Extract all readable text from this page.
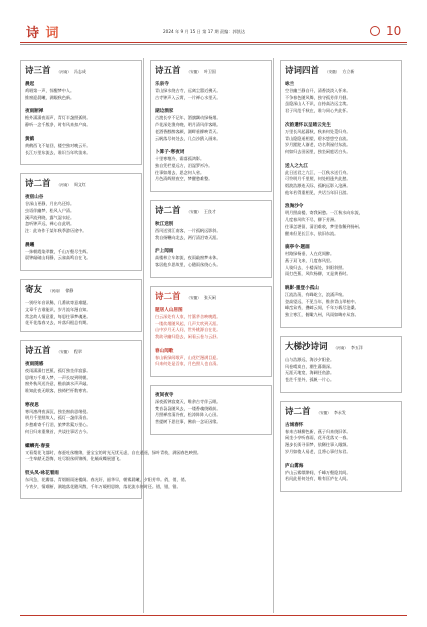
诗 词	2024 年 9 月 15 日 第 17 期 责编：郭凯达	10
诗三首 （河南） 冯志成
晨起
鸡唱第一声，惊醒梦中人。
推窗迎晨曦，满眼秋色新。
夜雨断禅
檐外潇潇夜雨声，青灯半盏照孤明。
静听一念千般净，时有风来扣户扃。
黄鹤
黄鹤西飞不复回，楼空独对晚云开。
长江万里东流去，谁识当年吹笛来。
诗二首 （河南） 周文红
夜宿山谷
谷深山更静，月出鸟还惊。
虫语伴幽梦，松风入户清。
溪声流到晓，露气湿衣轻。
忽听钟声远，禅心自此明。
注：此诗作于某年秋季游历途中。
晨曦
一抹朝霞染翠微，千山万壑尽生辉。
晨钟敲破山间静，云雀高鸣自在飞。
寄友 （河南） 徐静
一别经年音讯稀，几番欲寄意难题。
文章千古谁能识，岁月流年漫自知。
常念故人情意重，每思往事梦魂迷。
花开花落春又去，叶落归根总有期。
诗五首 （安徽） 程翠
夜雨随感
夜雨潇潇打芭蕉，孤灯独坐伴寂寥。
思绪万千难入梦，一声长叹到明朝。
窗外秋风送冷意，檐前滴水声声敲。
谁知此夜无眠客，独倚栏杆数寒宵。
寒夜思
寒风凛冽夜深沉，独坐窗前思绪侵。
明月千里照故人，孤灯一盏伴清音。
乡愁难寄千行泪，旅梦常萦万里心。
何日归来重聚首，共谈往事话古今。
螺蛳壳·春蚕
又看梨花飞落时，春蚕吐丝缠绵，蚕宝宝的时光无忧无虑，自在逍遥，绿叶青枝，满园春色映照。
一生奉献无怨悔，吐尽银丝织锦绣，化蛹成蝶展翅飞。
钗头凤·咏花看雨
东风急，花瓣落，青烟细雨迷楼阁。春光好，韶华早，朝雾晨曦，夕阳芳草。俏，俏，俏。
今宵夕，情难断，满地落花随风散，千年万载相思绵，落花流水何时还。错，错，错。
诗五首 （安徽） 叶卫国
乐泉寺
青山绿水绕古寺，远离尘嚣近佛天。
古寺钟声入云霄，一片禅心水里天。
湖边酒家
古渡长亭不记年，酒旗飘动绿杨烟。
芦花深处渔舟晚，明月清风伴客眠。
老酒香醇醉客颜，湖畔垂柳映青天。
云帆落尽何处去，几点沙鸥入画来。
卜算子·寒夜词
十里寒塘冷，霜落孤鸿影。
独自凭栏望远方，泪湿罗衫冷。
往事如烟去，思念何人省。
月色清辉照夜空，梦醒愁难整。
诗二首 （安徽） 王良才
秋江送别
西风送别江南客，一片孤帆远影斜。
我自扬鞭向北去，两行清泪寄天涯。
沪上闻雨
高楼林立车如流，夜雨敲窗梦未休。
客居他乡思故里，心随雨丝绕心头。
诗二首 （安徽） 张天闲
题居人山居图
白云深处有人家，竹篱茅舍映晚霞。
一缕炊烟随风起，几声犬吠到天涯。
山中岁月无人问，世外桃源自在花。
我欲寻幽归隐去，闲看云卷与云舒。
春山闻歌
春山新绿闻歌声，山花烂漫满目迎。
归来何处是吾家，月色照人也自清。
夜间夜寺
深夜孤钟寂寞天，唯余古寺伴云眠。
梵音袅袅随风去，一缕香魂绕殿前。
月照禅房清冷夜，松涛阵阵入心田。
菩提树下思往事，佛前一念证因缘。
诗词四首 （安徽） 方立新
咏兰
空谷幽兰静自开，清香淡淡入怀来。
不争春色随风舞，独守孤芳伴月徊。
虽隐深山人不识，自持高洁远尘埃。
君子风范千秋在，谁与同心共此怀。
次韵遣怀以呈睹云先生
万里长风起暮秋，秋来何处觅归舟。
青山隐隐遥相望，碧水悠悠空自流。
岁月蹉跎人渐老，功名利禄付东流。
何如归去田园里，独坐闲庭话白头。
送人之九江
此日送君之九江，一江秋水送行舟。
可怜明月千里照，何处相逢共此愁。
烟波浩渺连天际，孤帆远影入沧洲。
他年若得重相见，共话当年旧日游。
浪淘沙令
明月照高楼，寄我闲愁。一江秋水向东流，
几度春风吹不尽，柳下芳洲。
往事怎堪留，清泪难收，梦里依稀到扬州。
醒来但见长江水，依旧东流。
鹿亭令·题画
村路绿杨垂，人在花间醉。
燕子双飞来，几度春风里。
人骑归去，小楼深处，斜阳斜照。
雨打芭蕉，风吹杨柳，又是黄昏时。
眺影·重登小孤山
江流浩荡，有峰屹立，浪涌声喧。
登高望远，不见当年，惟余青山翠柏中。
峰峦耸秀，叠嶂云间，千年万载尽沧桑。
独立寒江，俯瞰九州，风雨如晦亦从容。
大梯沙诗词 （河南） 李五洋
山与浩渺远，海沙夕阳金。
风卷晴岚白，潮生暮霭深。
无涯天地宽，海阔任鱼游。
苍茫千里外，孤帆一片心。
诗二首 （安徽） 李永发
古城春怀
春来古城柳色新，燕子归来绕旧邻。
闲坐小亭听春雨，花开花落又一春。
漫步长街寻旧梦，依稀往事入眼频。
岁月如梭人易老，且将心事付东君。
庐山雾海
庐山云雾缥缈间，千峰万壑隐其间。
若问此景何处有，唯有匡庐在人间。
